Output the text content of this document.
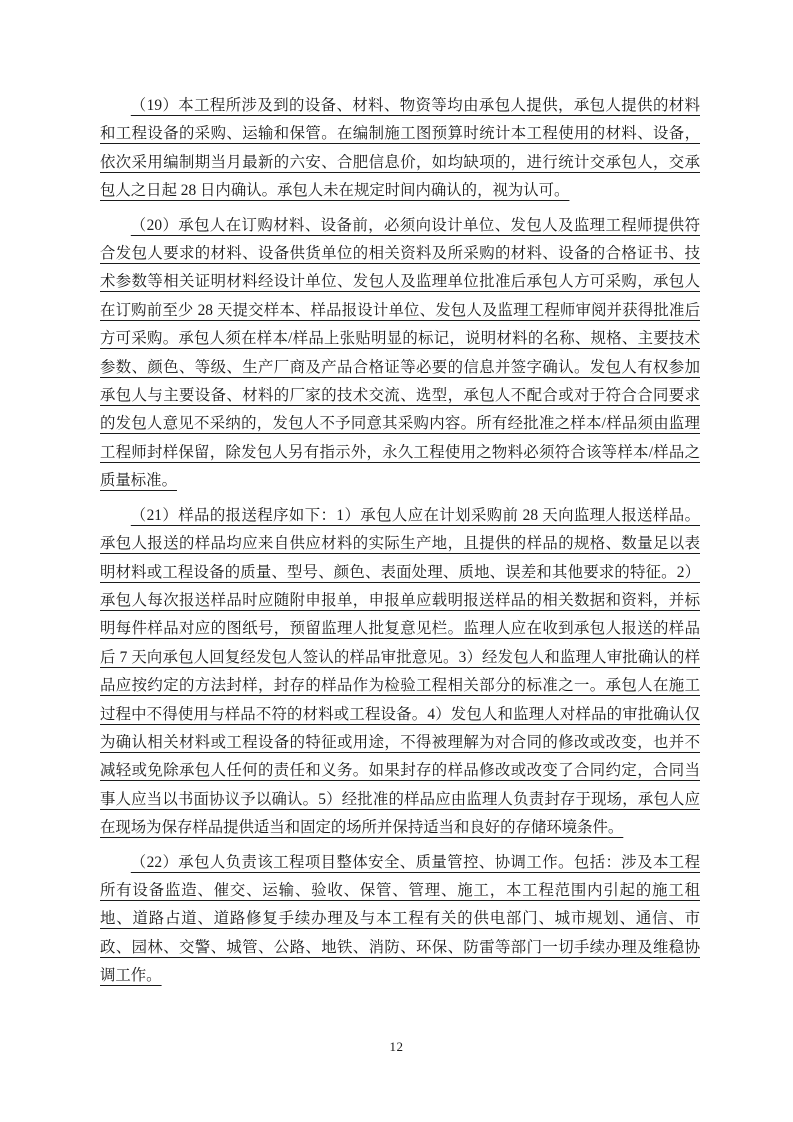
（19）本工程所涉及到的设备、材料、物资等均由承包人提供，承包人提供的材料和工程设备的采购、运输和保管。在编制施工图预算时统计本工程使用的材料、设备，依次采用编制期当月最新的六安、合肥信息价，如均缺项的，进行统计交承包人，交承包人之日起 28 日内确认。承包人未在规定时间内确认的，视为认可。

（20）承包人在订购材料、设备前，必须向设计单位、发包人及监理工程师提供符合发包人要求的材料、设备供货单位的相关资料及所采购的材料、设备的合格证书、技术参数等相关证明材料经设计单位、发包人及监理单位批准后承包人方可采购，承包人在订购前至少 28 天提交样本、样品报设计单位、发包人及监理工程师审阅并获得批准后方可采购。承包人须在样本/样品上张贴明显的标记，说明材料的名称、规格、主要技术参数、颜色、等级、生产厂商及产品合格证等必要的信息并签字确认。发包人有权参加承包人与主要设备、材料的厂家的技术交流、选型，承包人不配合或对于符合合同要求的发包人意见不采纳的，发包人不予同意其采购内容。所有经批准之样本/样品须由监理工程师封样保留，除发包人另有指示外，永久工程使用之物料必须符合该等样本/样品之质量标准。

（21）样品的报送程序如下：1）承包人应在计划采购前 28 天向监理人报送样品。承包人报送的样品均应来自供应材料的实际生产地，且提供的样品的规格、数量足以表明材料或工程设备的质量、型号、颜色、表面处理、质地、误差和其他要求的特征。2）承包人每次报送样品时应随附申报单，申报单应载明报送样品的相关数据和资料，并标明每件样品对应的图纸号，预留监理人批复意见栏。监理人应在收到承包人报送的样品后 7 天向承包人回复经发包人签认的样品审批意见。3）经发包人和监理人审批确认的样品应按约定的方法封样，封存的样品作为检验工程相关部分的标准之一。承包人在施工过程中不得使用与样品不符的材料或工程设备。4）发包人和监理人对样品的审批确认仅为确认相关材料或工程设备的特征或用途，不得被理解为对合同的修改或改变，也并不减轻或免除承包人任何的责任和义务。如果封存的样品修改或改变了合同约定，合同当事人应当以书面协议予以确认。5）经批准的样品应由监理人负责封存于现场，承包人应在现场为保存样品提供适当和固定的场所并保持适当和良好的存储环境条件。

（22）承包人负责该工程项目整体安全、质量管控、协调工作。包括：涉及本工程所有设备监造、催交、运输、验收、保管、管理、施工，本工程范围内引起的施工租地、道路占道、道路修复手续办理及与本工程有关的供电部门、城市规划、通信、市政、园林、交警、城管、公路、地铁、消防、环保、防雷等部门一切手续办理及维稳协调工作。

12
